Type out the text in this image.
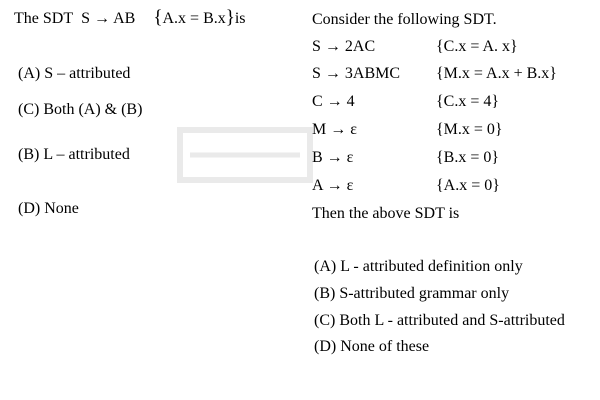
The SDT S → AB {A.x = B.x}is
(A) S – attributed
(C) Both (A) & (B)
(B) L – attributed
(D) None
Consider the following SDT.
S → 2AC	{C.x = A. x}
S → 3ABMC {M.x = A.x + B.x}
C → 4	{C.x = 4}
M → ε	{M.x = 0}
B → ε	{B.x = 0}
A → ε	{A.x = 0}
Then the above SDT is
(A) L - attributed definition only
(B) S-attributed grammar only
(C) Both L - attributed and S-attributed
(D) None of these
